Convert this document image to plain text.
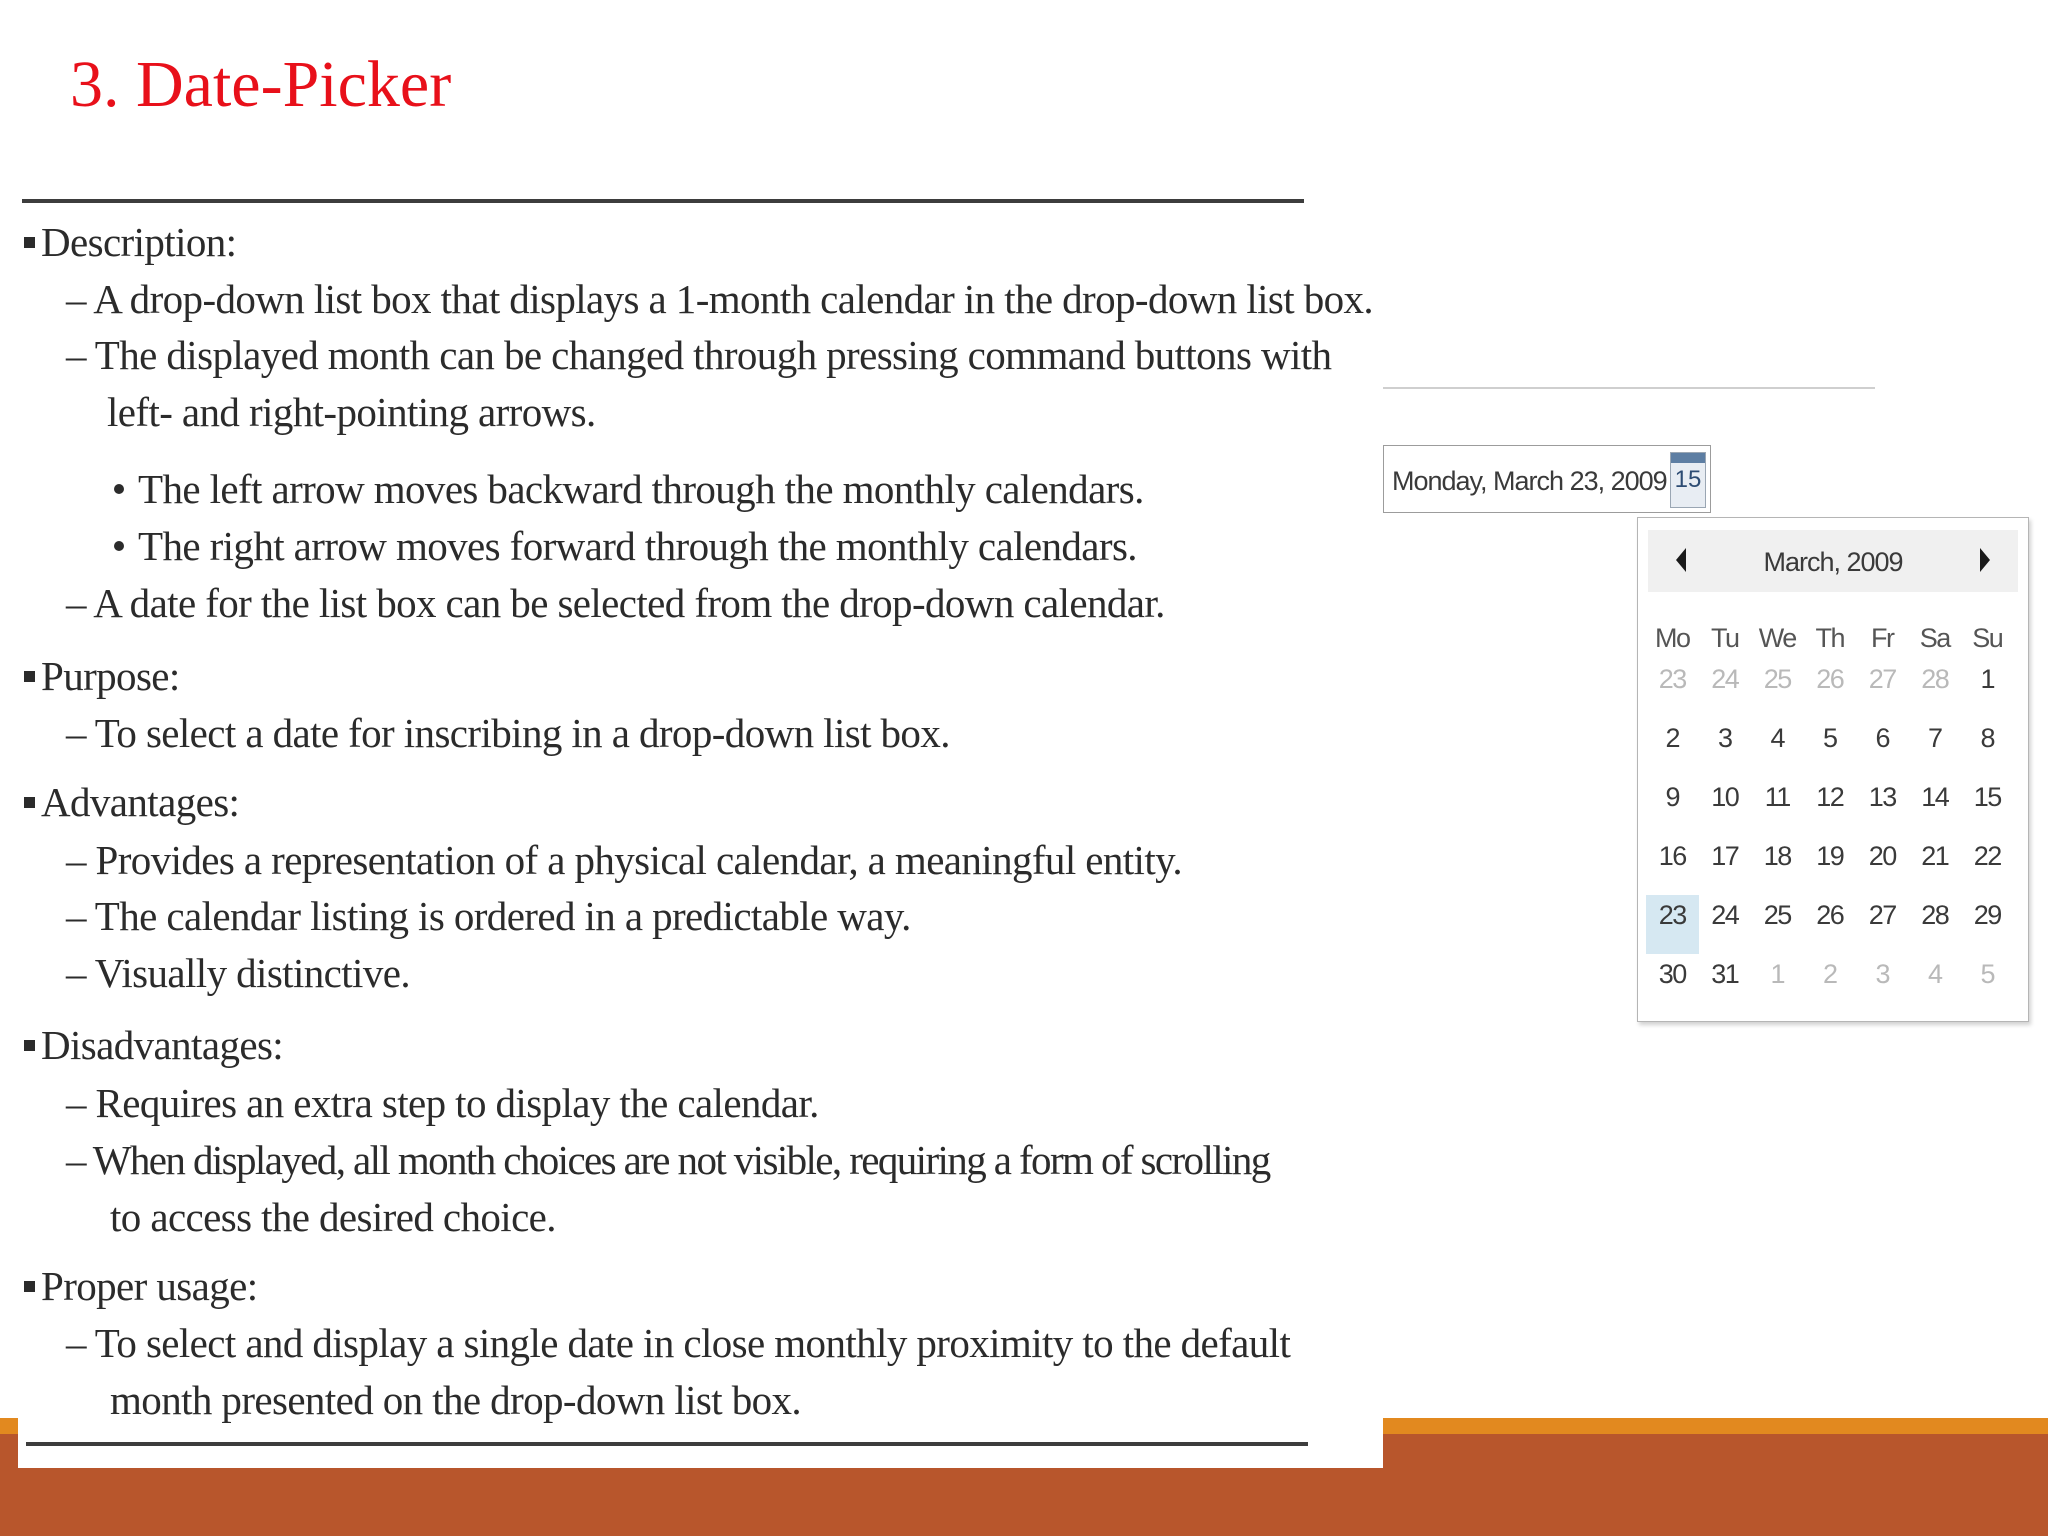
3. Date-Picker
Description:
– A drop-down list box that displays a 1-month calendar in the drop-down list box.
– The displayed month can be changed through pressing command buttons with
left- and right-pointing arrows.
The left arrow moves backward through the monthly calendars.
The right arrow moves forward through the monthly calendars.
– A date for the list box can be selected from the drop-down calendar.
Purpose:
– To select a date for inscribing in a drop-down list box.
Advantages:
– Provides a representation of a physical calendar, a meaningful entity.
– The calendar listing is ordered in a predictable way.
– Visually distinctive.
Disadvantages:
– Requires an extra step to display the calendar.
– When displayed, all month choices are not visible, requiring a form of scrolling
to access the desired choice.
Proper usage:
– To select and display a single date in close monthly proximity to the default
month presented on the drop-down list box.
Monday, March 23, 2009 15
March, 2009
Mo Tu We Th	Fr Sa Su
23 24 25 26 27 28	1
2	3	4	5	6	7	8
9	10 11 12 13 14 15
16 17 18 19 20 21 22
23 24 25 26 27 28 29
30 31	1	2	3	4	5
